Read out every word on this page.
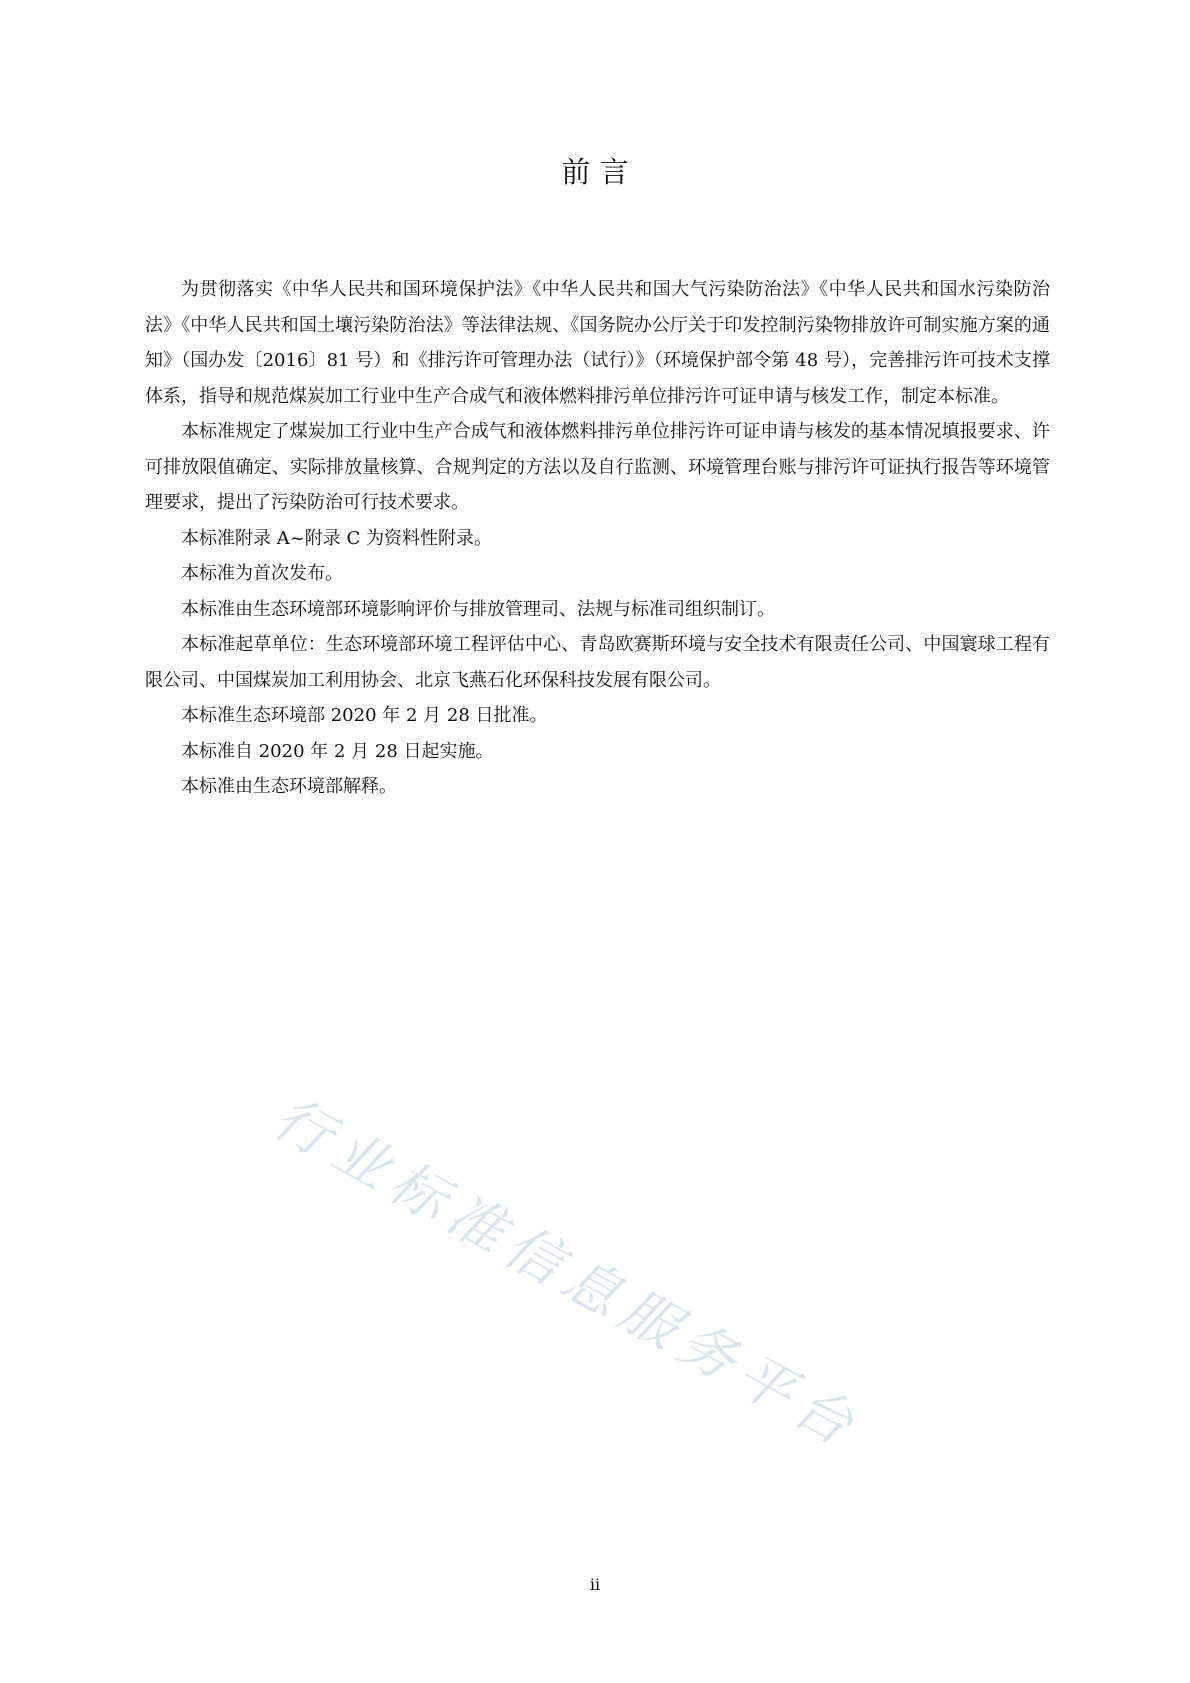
前 言

为贯彻落实《中华人民共和国环境保护法》《中华人民共和国大气污染防治法》《中华人民共和国水污染防治法》《中华人民共和国土壤污染防治法》等法律法规、《国务院办公厅关于印发控制污染物排放许可制实施方案的通知》（国办发〔2016〕81 号）和《排污许可管理办法（试行）》（环境保护部令第 48 号），完善排污许可技术支撑体系，指导和规范煤炭加工行业中生产合成气和液体燃料排污单位排污许可证申请与核发工作，制定本标准。

本标准规定了煤炭加工行业中生产合成气和液体燃料排污单位排污许可证申请与核发的基本情况填报要求、许可排放限值确定、实际排放量核算、合规判定的方法以及自行监测、环境管理台账与排污许可证执行报告等环境管理要求，提出了污染防治可行技术要求。

本标准附录 A~附录 C 为资料性附录。

本标准为首次发布。

本标准由生态环境部环境影响评价与排放管理司、法规与标准司组织制订。

本标准起草单位：生态环境部环境工程评估中心、青岛欧赛斯环境与安全技术有限责任公司、中国寰球工程有限公司、中国煤炭加工利用协会、北京飞燕石化环保科技发展有限公司。

本标准生态环境部 2020 年 2 月 28 日批准。

本标准自 2020 年 2 月 28 日起实施。

本标准由生态环境部解释。

行业标准信息服务平台
ii
